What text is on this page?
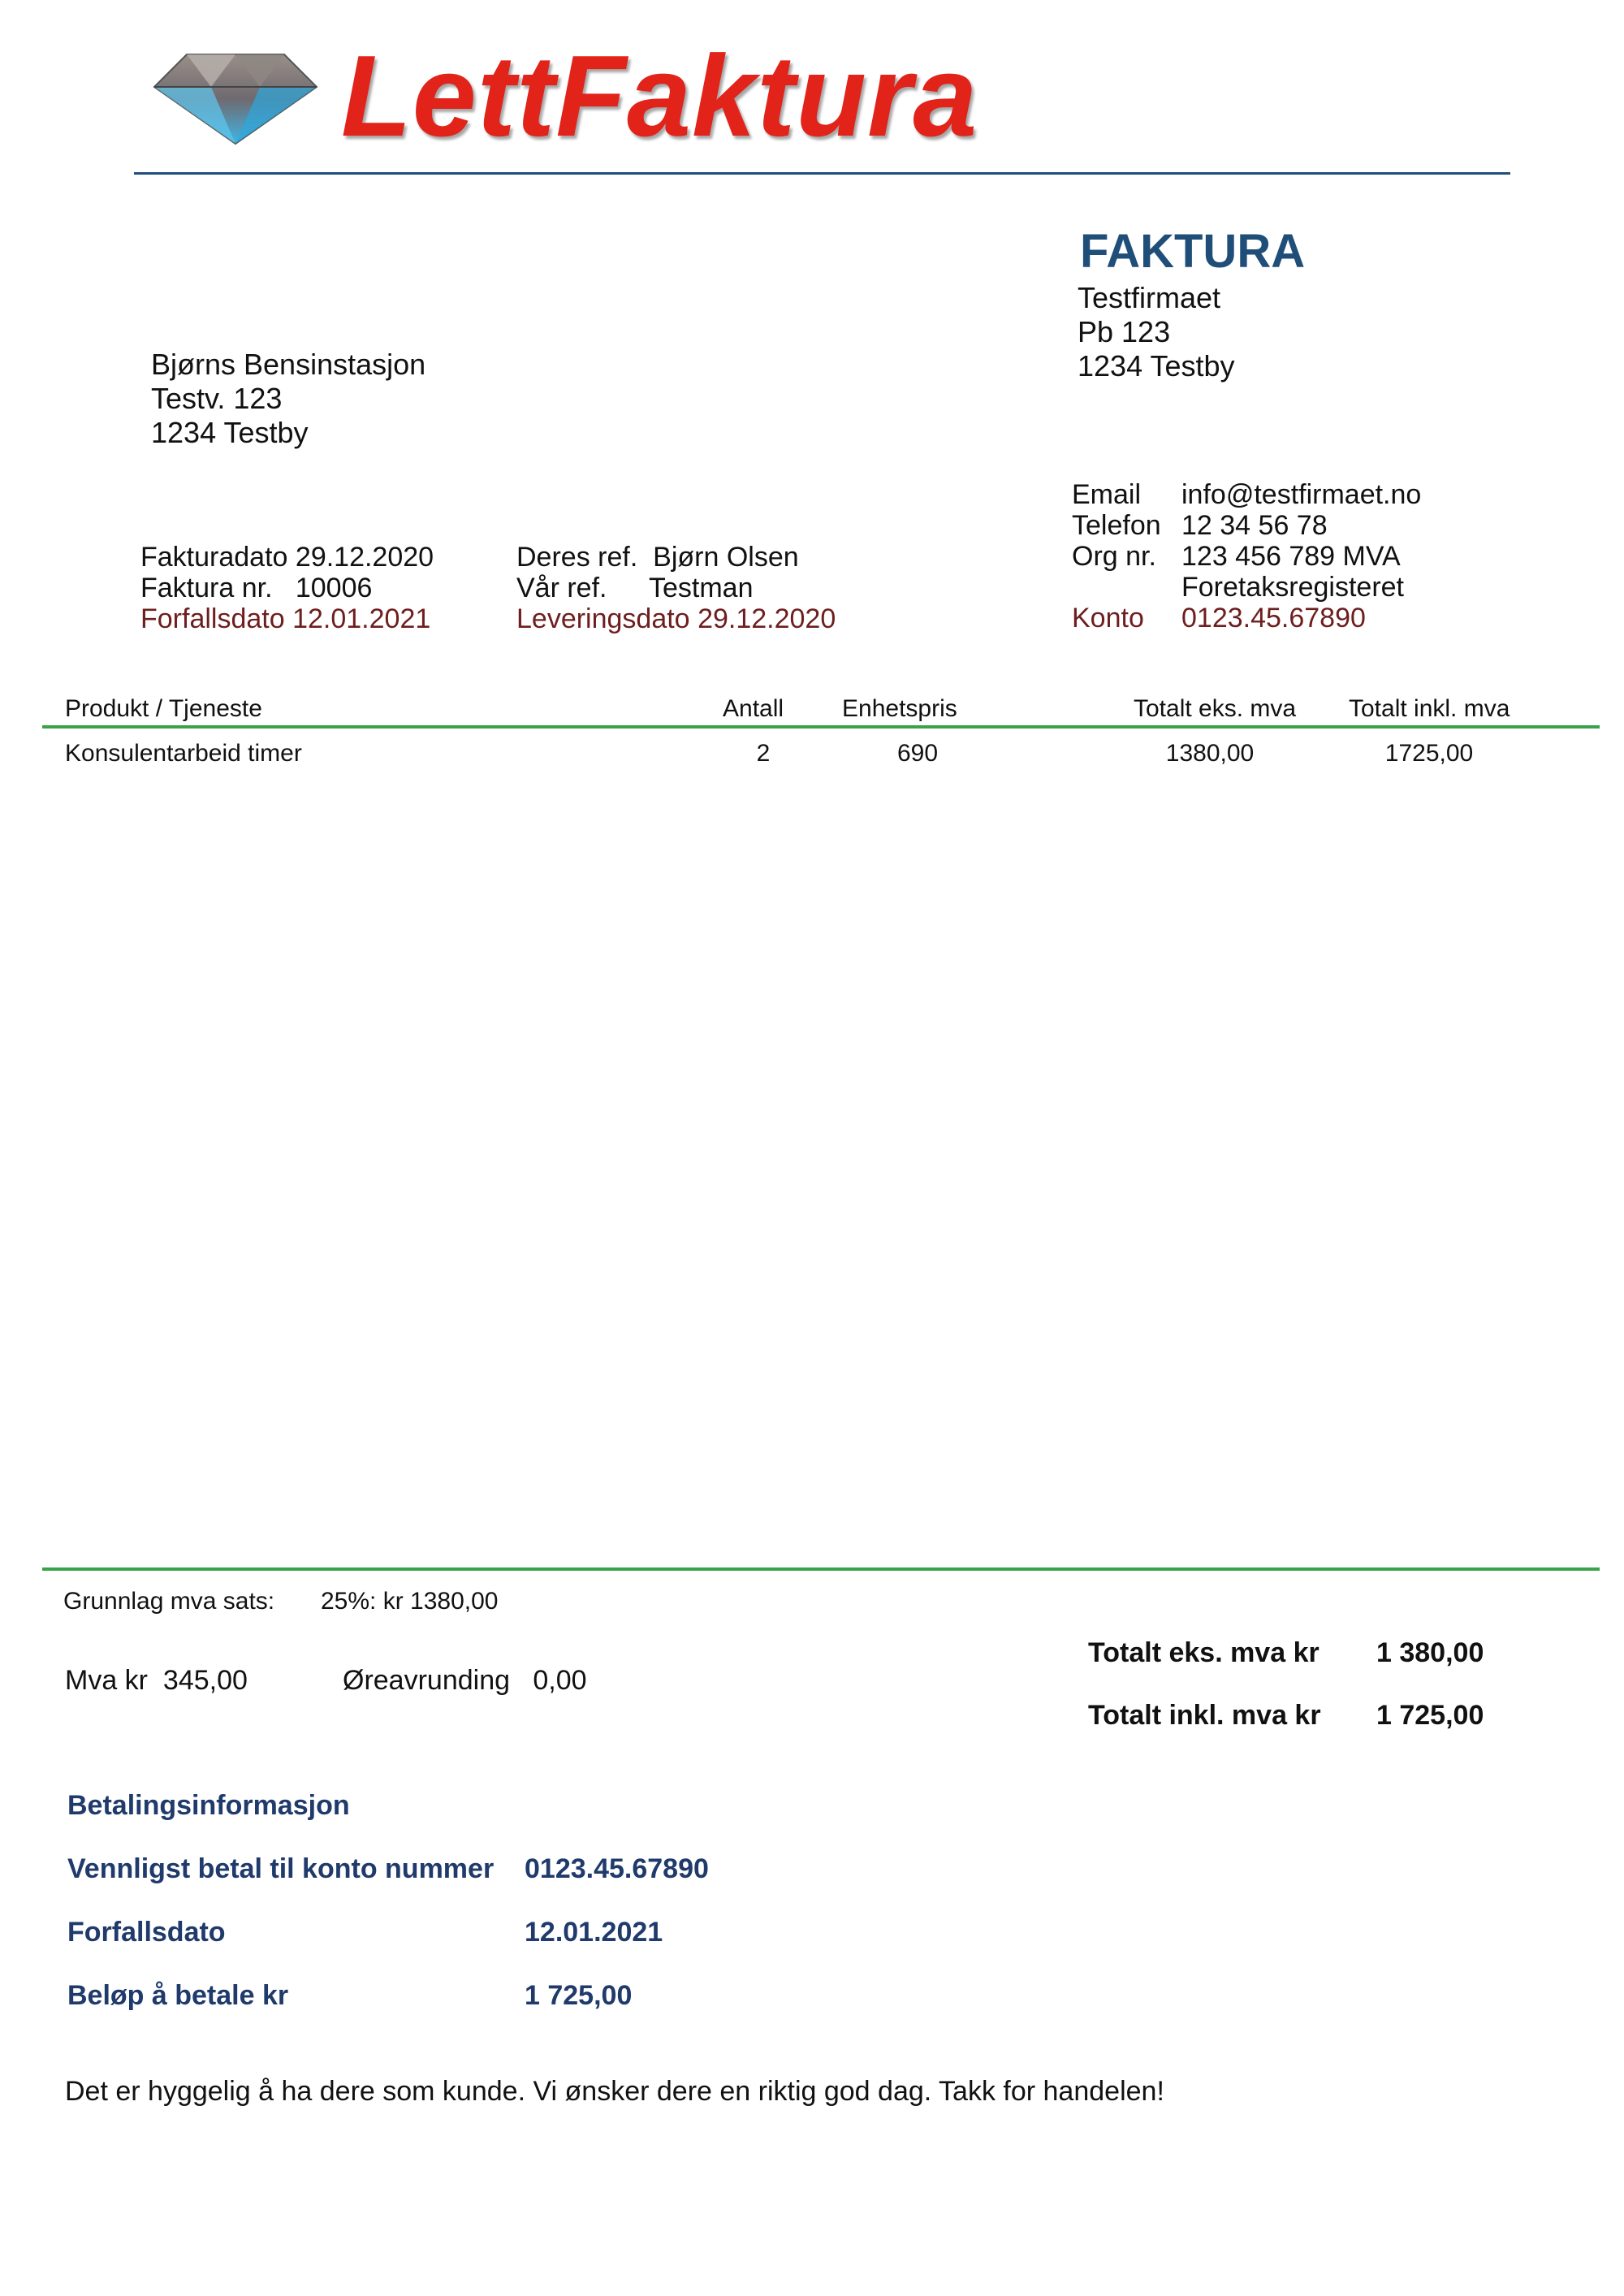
LettFaktura
FAKTURA
Testfirmaet
Pb 123
1234 Testby
Bjørns Bensinstasjon
Testv. 123
1234 Testby
Fakturadato 29.12.2020
Faktura nr. 10006
Forfallsdato 12.01.2021
Deres ref. Bjørn Olsen
Vår ref. Testman
Leveringsdato 29.12.2020
Email info@testfirmaet.no
Telefon 12 34 56 78
Org nr. 123 456 789 MVA
Foretaksregisteret
Konto 0123.45.67890
Produkt / Tjeneste	Antall Enhetspris	Totalt eks. mva Totalt inkl. mva
Konsulentarbeid timer	2	690	1380,00	1725,00
Grunnlag mva sats: 25%: kr 1380,00
Mva kr 345,00	Øreavrunding 0,00
Totalt eks. mva kr 1 380,00
Totalt inkl. mva kr 1 725,00
Betalingsinformasjon
Vennligst betal til konto nummer 0123.45.67890
Forfallsdato	12.01.2021
Beløp å betale kr	1 725,00
Det er hyggelig å ha dere som kunde. Vi ønsker dere en riktig god dag. Takk for handelen!
